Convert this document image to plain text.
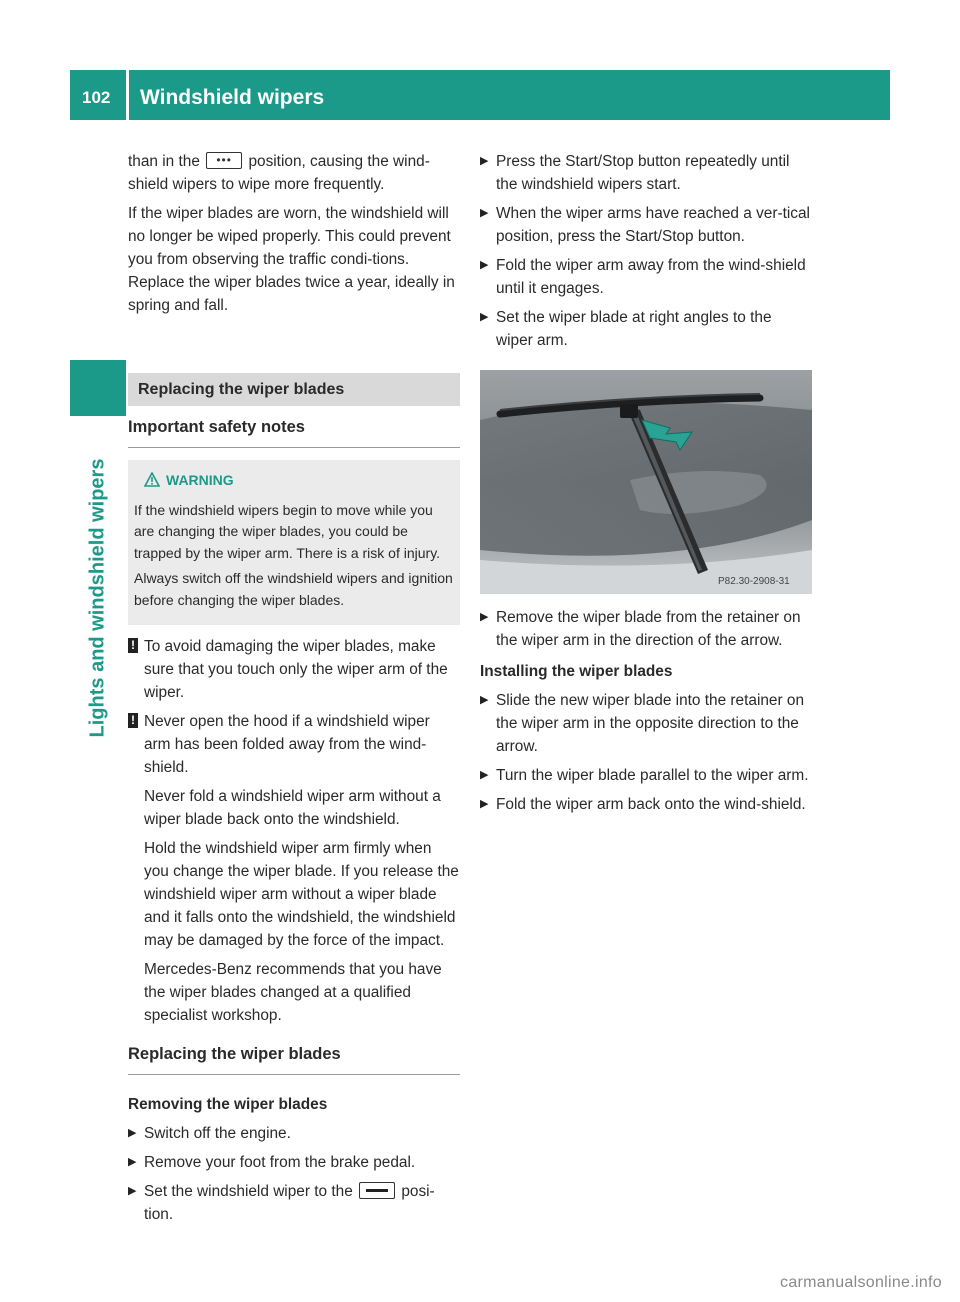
102 Windshield wipers
Lights and windshield wipers

than in the •••	position, causing the wind-shield wipers to wipe more frequently.

If the wiper blades are worn, the windshield will no longer be wiped properly. This could prevent you from observing the traffic condi-tions. Replace the wiper blades twice a year, ideally in spring and fall.

Replacing the wiper blades
Important safety notes

WARNING

If the windshield wipers begin to move while you are changing the wiper blades, you could be trapped by the wiper arm. There is a risk of injury.

Always switch off the windshield wipers and ignition before changing the wiper blades.

! To avoid damaging the wiper blades, make sure that you touch only the wiper arm of the wiper.

! Never open the hood if a windshield wiper arm has been folded away from the wind-shield.

Never fold a windshield wiper arm without a wiper blade back onto the windshield.

Hold the windshield wiper arm firmly when you change the wiper blade. If you release the windshield wiper arm without a wiper blade and it falls onto the windshield, the windshield may be damaged by the force of the impact.

Mercedes-Benz recommends that you have the wiper blades changed at a qualified specialist workshop.

Replacing the wiper blades

Removing the wiper blades

▶ Switch off the engine.
▶ Remove your foot from the brake pedal.
▶ Set the windshield wiper to the	posi-tion.
▶ Press the Start/Stop button repeatedly until the windshield wipers start.
▶ When the wiper arms have reached a ver-tical position, press the Start/Stop button.
▶ Fold the wiper arm away from the wind-shield until it engages.
▶ Set the wiper blade at right angles to the wiper arm.
P82.30-2908-31
▶ Remove the wiper blade from the retainer on the wiper arm in the direction of the arrow.

Installing the wiper blades

▶ Slide the new wiper blade into the retainer on the wiper arm in the opposite direction to the arrow.
▶ Turn the wiper blade parallel to the wiper arm.
▶ Fold the wiper arm back onto the wind-shield.
carmanualsonline.info
